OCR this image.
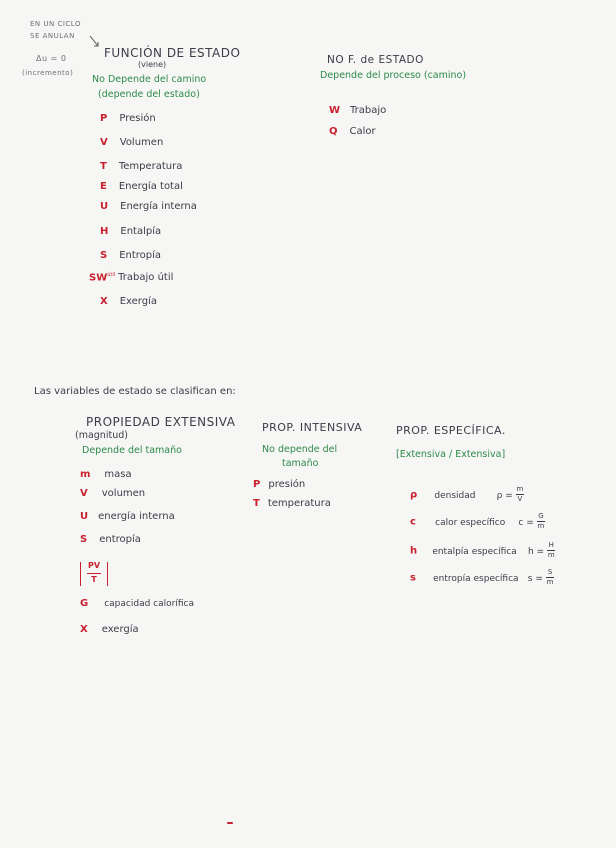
EN UN CICLO
SE ANULAN
Δu = 0
(incremento)
FUNCIÓN DE ESTADO
(viene)
No Depende del camino
(depende del estado)
P Presión
V Volumen
T Temperatura
E Energía total
U Energía interna
H Entalpía
S Entropía
$SW^{útil}$ Trabajo útil
X Exergía
NO F. de ESTADO
Depende del proceso (camino)
W Trabajo
Q Calor
Las variables de estado se clasifican en:
PROPIEDAD EXTENSIVA
(magnitud)
Depende del tamaño
m masa
V volumen
U energía interna
S entropía
PV
T
G capacidad calorífica
X exergía
PROP. INTENSIVA
No depende del
tamaño
P presión
T temperatura
PROP. ESPECÍFICA.
[Extensiva / Extensiva]
ρ densidad $\rho = \frac{m}{V}$
c calor específico $c = \frac{G}{m}$
h entalpía específica $h = \frac{H}{m}$
s entropía específica $s = \frac{S}{m}$
